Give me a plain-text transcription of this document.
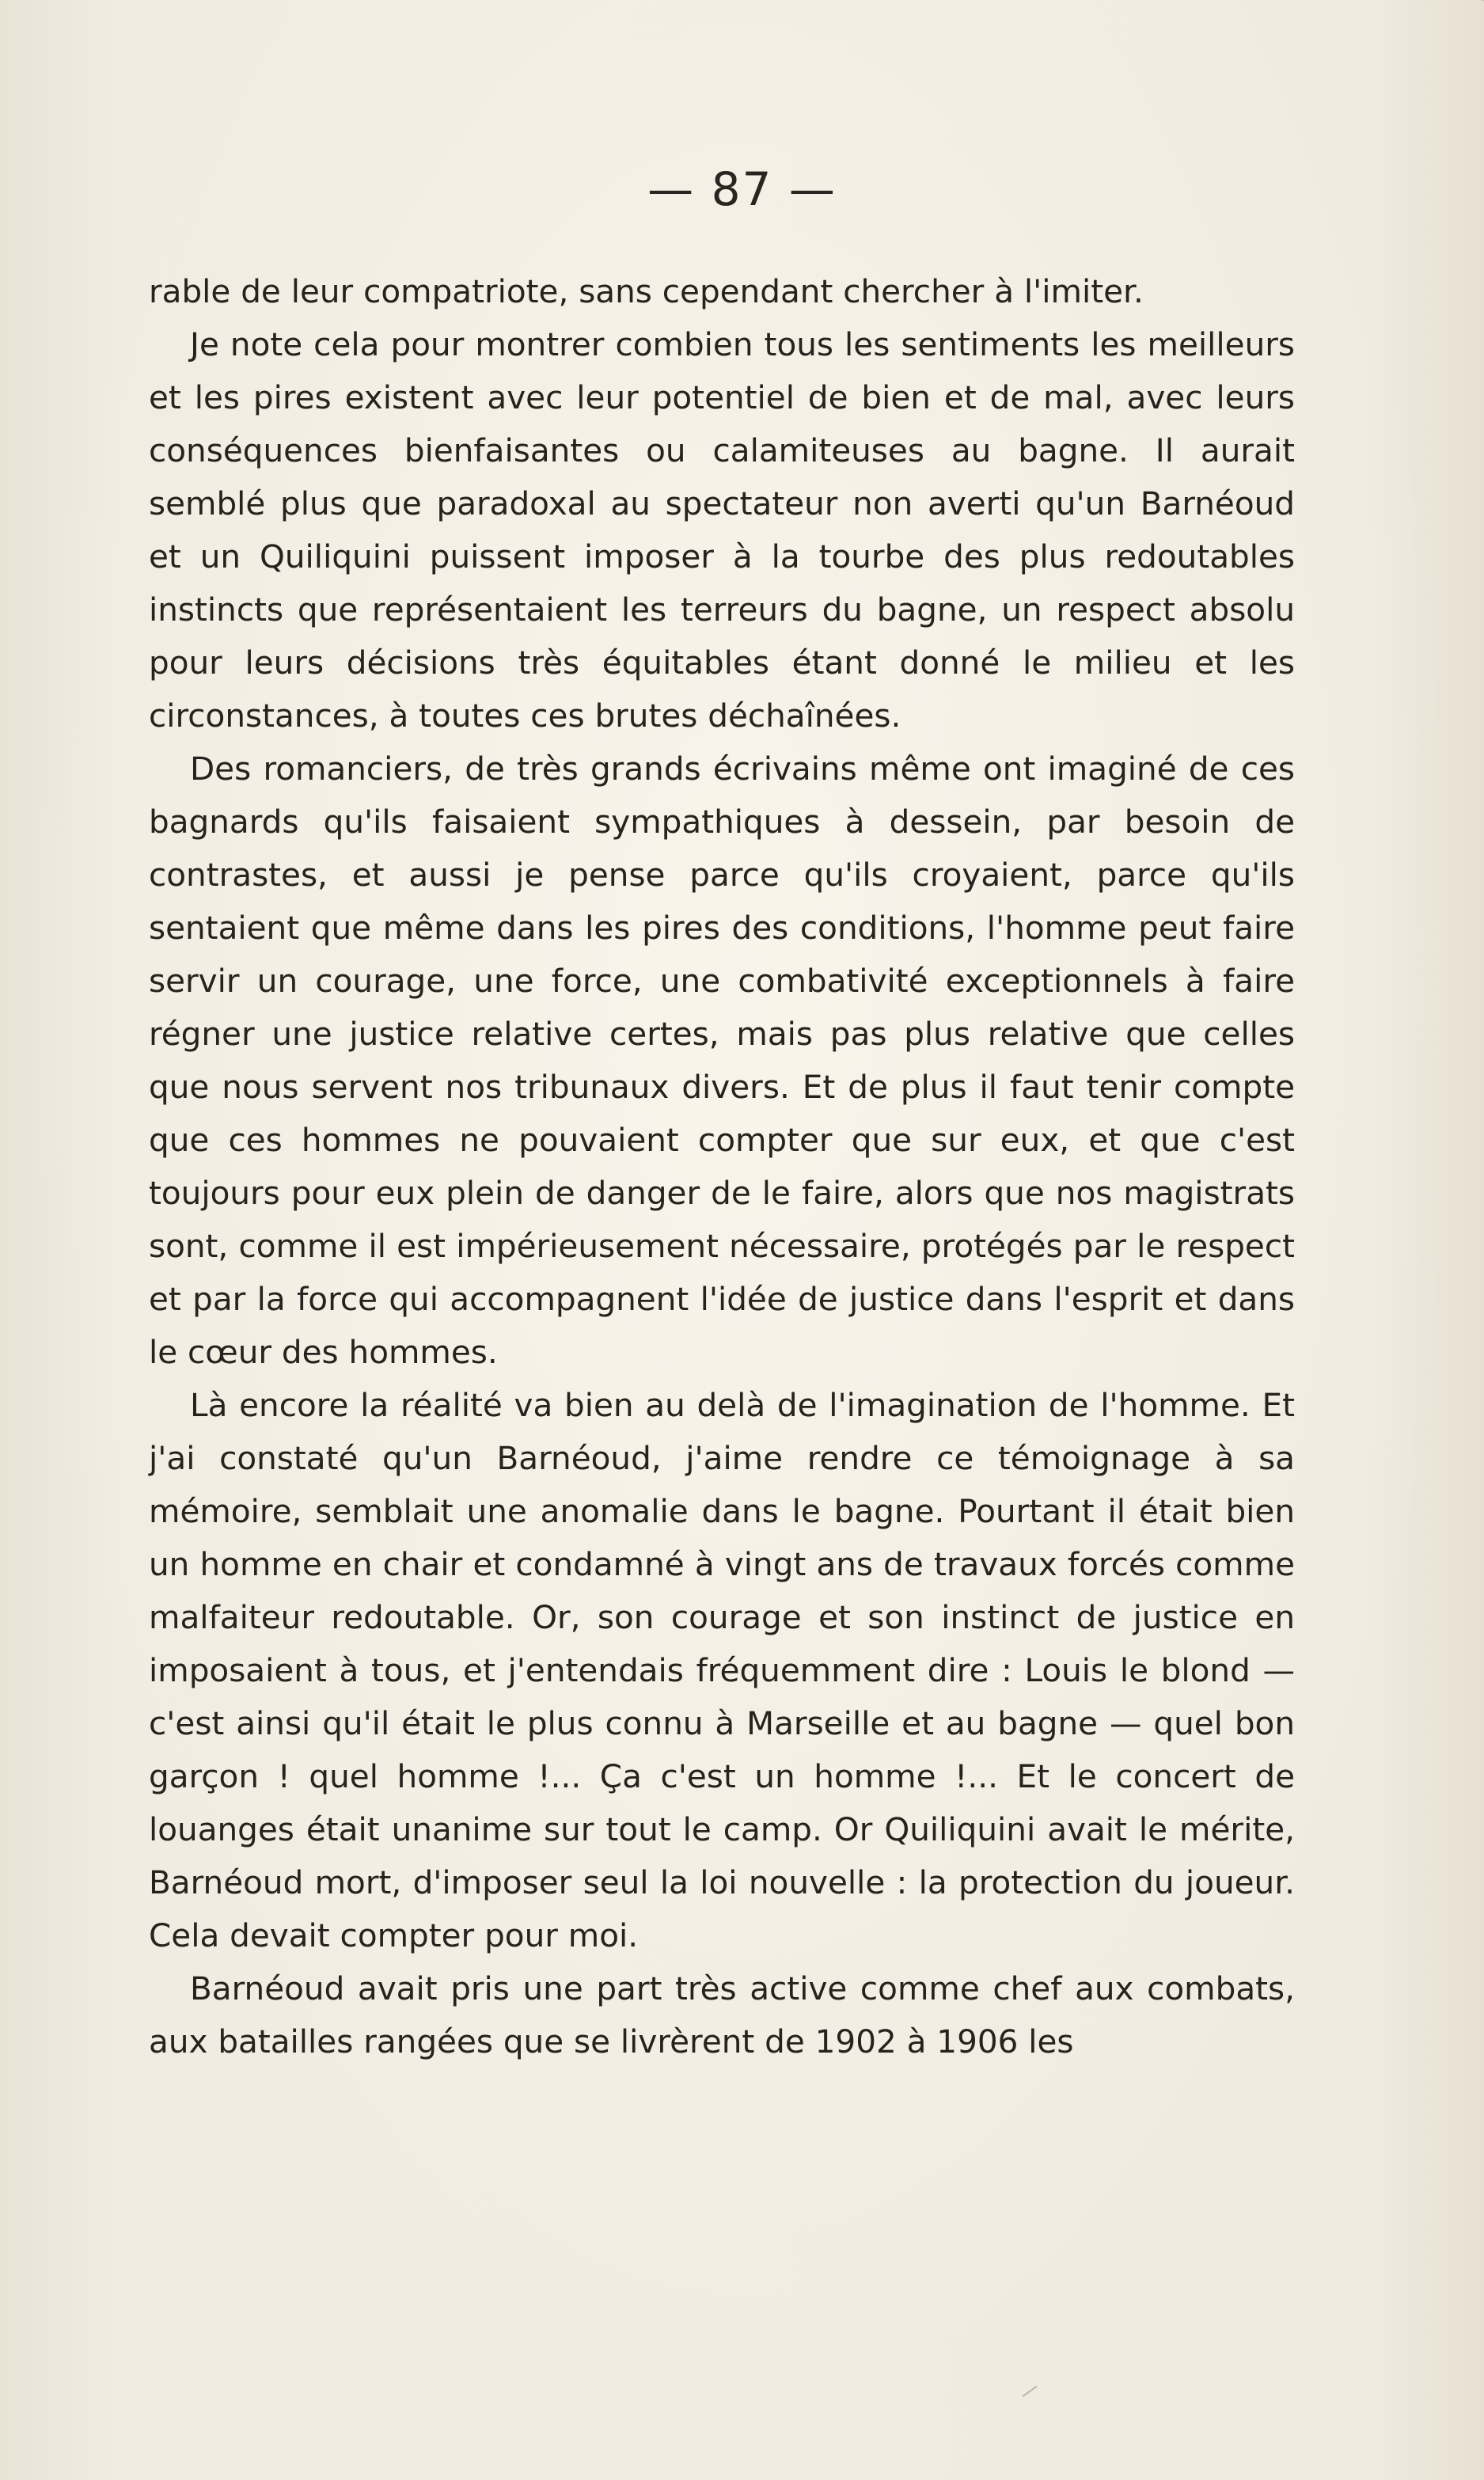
— 87 —

rable de leur compatriote, sans cependant chercher à l'imiter.

Je note cela pour montrer combien tous les sentiments les meilleurs et les pires existent avec leur potentiel de bien et de mal, avec leurs conséquences bienfaisantes ou calamiteuses au bagne. Il aurait semblé plus que paradoxal au spectateur non averti qu'un Barnéoud et un Quiliquini puissent imposer à la tourbe des plus redoutables instincts que représentaient les terreurs du bagne, un respect absolu pour leurs décisions très équitables étant donné le milieu et les circonstances, à toutes ces brutes déchaînées.

Des romanciers, de très grands écrivains même ont imaginé de ces bagnards qu'ils faisaient sympathiques à dessein, par besoin de contrastes, et aussi je pense parce qu'ils croyaient, parce qu'ils sentaient que même dans les pires des conditions, l'homme peut faire servir un courage, une force, une combativité exceptionnels à faire régner une justice relative certes, mais pas plus relative que celles que nous servent nos tribunaux divers. Et de plus il faut tenir compte que ces hommes ne pouvaient compter que sur eux, et que c'est toujours pour eux plein de danger de le faire, alors que nos magistrats sont, comme il est impérieusement nécessaire, protégés par le respect et par la force qui accompagnent l'idée de justice dans l'esprit et dans le cœur des hommes.

Là encore la réalité va bien au delà de l'imagination de l'homme. Et j'ai constaté qu'un Barnéoud, j'aime rendre ce témoignage à sa mémoire, semblait une anomalie dans le bagne. Pourtant il était bien un homme en chair et condamné à vingt ans de travaux forcés comme malfaiteur redoutable. Or, son courage et son instinct de justice en imposaient à tous, et j'entendais fréquemment dire : Louis le blond — c'est ainsi qu'il était le plus connu à Marseille et au bagne — quel bon garçon ! quel homme !... Ça c'est un homme !... Et le concert de louanges était unanime sur tout le camp. Or Quiliquini avait le mérite, Barnéoud mort, d'imposer seul la loi nouvelle : la protection du joueur. Cela devait compter pour moi.

Barnéoud avait pris une part très active comme chef aux combats, aux batailles rangées que se livrèrent de 1902 à 1906 les
